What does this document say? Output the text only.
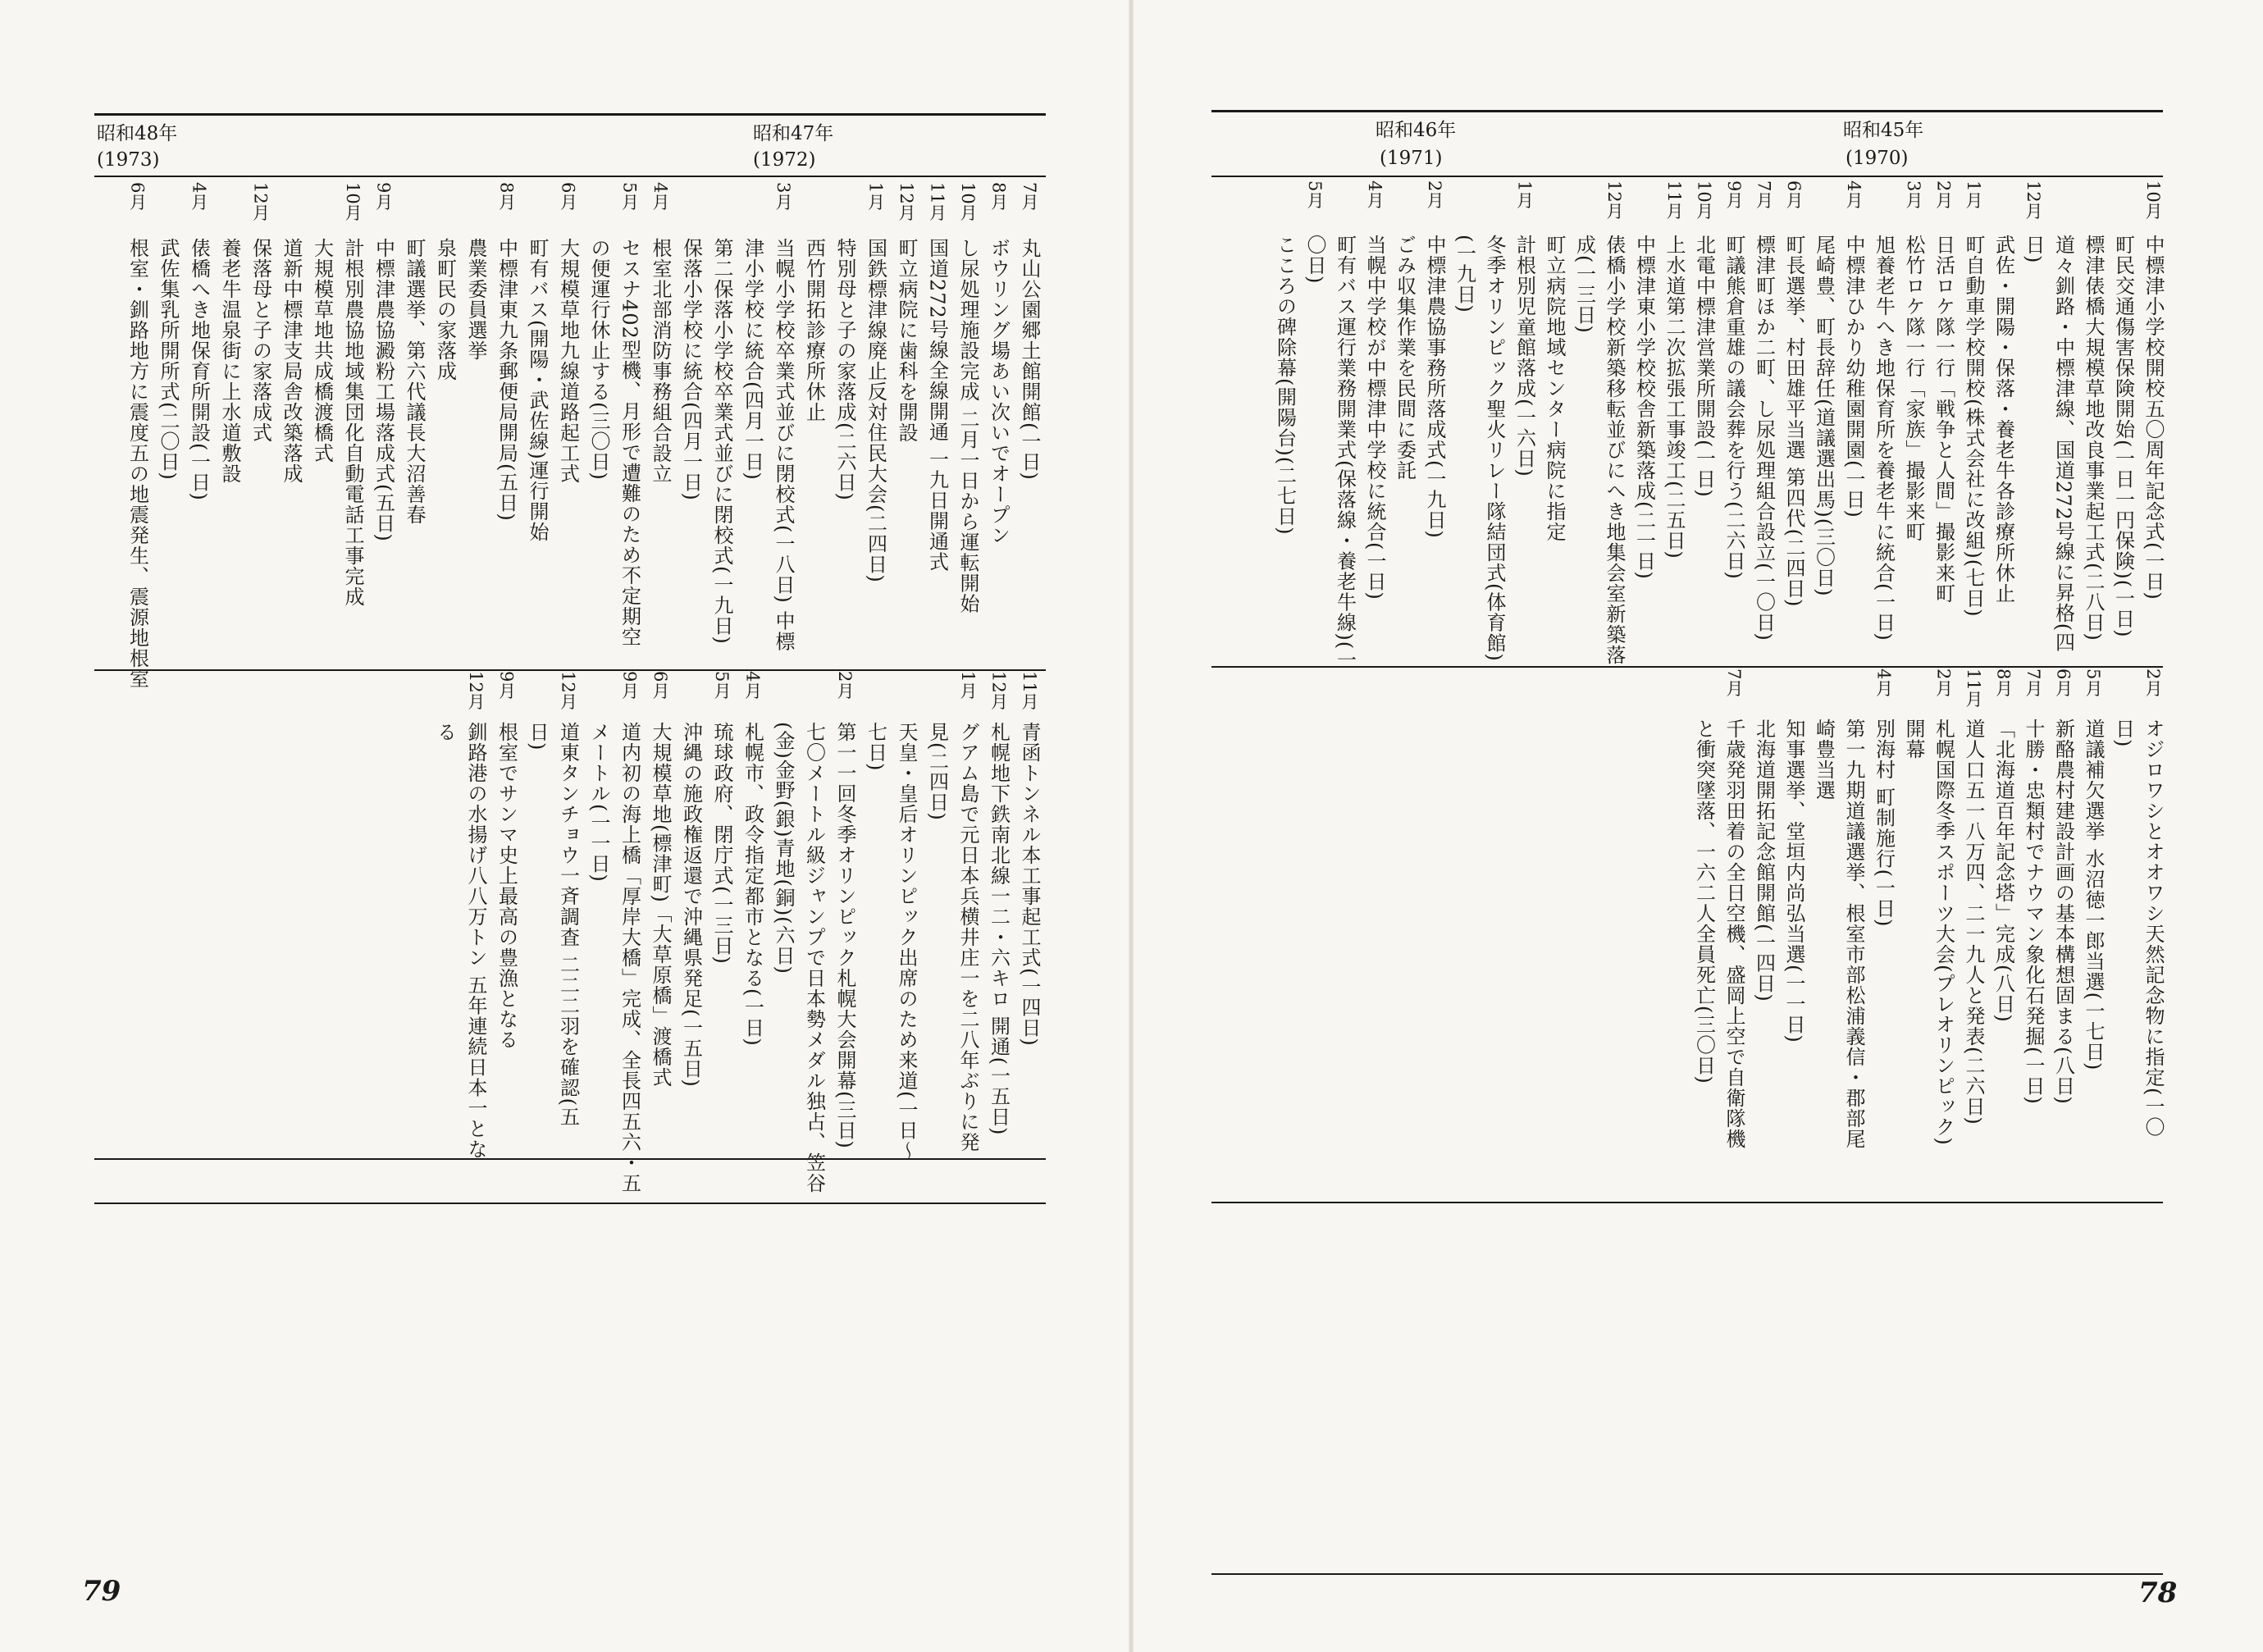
昭和48年
(1973)
昭和47年
(1972)
7月
丸山公園郷土館開館(一日)
8月
ボウリング場あい次いでオープン
10月
し尿処理施設完成 二月一日から運転開始
11月
国道272号線全線開通 一九日開通式
12月
町立病院に歯科を開設
1月
国鉄標津線廃止反対住民大会(二四日)
特別母と子の家落成(二六日)
西竹開拓診療所休止
3月
当幌小学校卒業式並びに閉校式(一八日) 中標
津小学校に統合(四月一日)
第二保落小学校卒業式並びに閉校式(一九日)
保落小学校に統合(四月一日)
4月
根室北部消防事務組合設立
5月
セスナ402型機、月形で遭難のため不定期空
の便運行休止する(三〇日)
6月
大規模草地九線道路起工式
町有バス(開陽・武佐線)運行開始
8月
中標津東九条郵便局開局(五日)
農業委員選挙
泉町民の家落成
町議選挙、第六代議長大沼善春
9月
中標津農協澱粉工場落成式(五日)
10月
計根別農協地域集団化自動電話工事完成
大規模草地共成橋渡橋式
道新中標津支局舎改築落成
12月
保落母と子の家落成式
養老牛温泉街に上水道敷設
4月
俵橋へき地保育所開設(一日)
武佐集乳所開所式(二〇日)
6月
根室・釧路地方に震度五の地震発生、震源地根室
11月
青函トンネル本工事起工式(一四日)
12月
札幌地下鉄南北線一二・六キロ 開通(一五日)
1月
グアム島で元日本兵横井庄一を二八年ぶりに発
見(二四日)
天皇・皇后オリンピック出席のため来道(一日～
七日)
2月
第一一回冬季オリンピック札幌大会開幕(三日)
七〇メートル級ジャンプで日本勢メダル独占、笠谷
(金)金野(銀)青地(銅)(六日)
4月
札幌市、政令指定都市となる(一日)
5月
琉球政府、閉庁式(一三日)
沖縄の施政権返還で沖縄県発足(一五日)
6月
大規模草地(標津町)「大草原橋」渡橋式
9月
道内初の海上橋「厚岸大橋」完成、全長四五六・五
メートル(一一日)
12月
道東タンチョウ一斉調査 二二二羽を確認(五
日)
9月
根室でサンマ史上最高の豊漁となる
12月
釧路港の水揚げ八八万トン 五年連続日本一とな
る
79
昭和46年
(1971)
昭和45年
(1970)
10月
中標津小学校開校五〇周年記念式(一日)
町民交通傷害保険開始(一日一円保険)(一日)
標津俵橋大規模草地改良事業起工式(二八日)
道々釧路・中標津線、国道272号線に昇格(四
12月
日)
武佐・開陽・保落・養老牛各診療所休止
1月
町自動車学校開校(株式会社に改組)(七日)
2月
日活ロケ隊一行「戦争と人間」撮影来町
3月
松竹ロケ隊一行「家族」撮影来町
旭養老牛へき地保育所を養老牛に統合(一日)
4月
中標津ひかり幼稚園開園(一日)
尾崎豊、町長辞任(道議選出馬)(三〇日)
6月
町長選挙、村田雄平当選 第四代(二四日)
7月
標津町ほか二町、し尿処理組合設立(一〇日)
9月
町議熊倉重雄の議会葬を行う(二六日)
10月
北電中標津営業所開設(一日)
11月
上水道第二次拡張工事竣工(二五日)
中標津東小学校校舎新築落成(二一日)
12月
俵橋小学校新築移転並びにへき地集会室新築落
成(一三日)
町立病院地域センター病院に指定
1月
計根別児童館落成(一六日)
冬季オリンピック聖火リレー隊結団式(体育館)
(一九日)
2月
中標津農協事務所落成式(一九日)
ごみ収集作業を民間に委託
4月
当幌中学校が中標津中学校に統合(一日)
町有バス運行業務開業式(保落線・養老牛線)(一
5月
〇日)
こころの碑除幕(開陽台)(二七日)
2月
オジロワシとオオワシ天然記念物に指定(一〇
日)
5月
道議補欠選挙 水沼徳一郎当選(一七日)
6月
新酪農村建設計画の基本構想固まる(八日)
7月
十勝・忠類村でナウマン象化石発掘(一日)
8月
「北海道百年記念塔」完成(八日)
11月
道人口五一八万四、二一九人と発表(二六日)
2月
札幌国際冬季スポーツ大会(プレオリンピック)
開幕
4月
別海村 町制施行(一日)
第一九期道議選挙、根室市部松浦義信・郡部尾
崎豊当選
知事選挙、堂垣内尚弘当選(一一日)
北海道開拓記念館開館(一四日)
7月
千歳発羽田着の全日空機、盛岡上空で自衛隊機
と衝突墜落、一六二人全員死亡(三〇日)
78
